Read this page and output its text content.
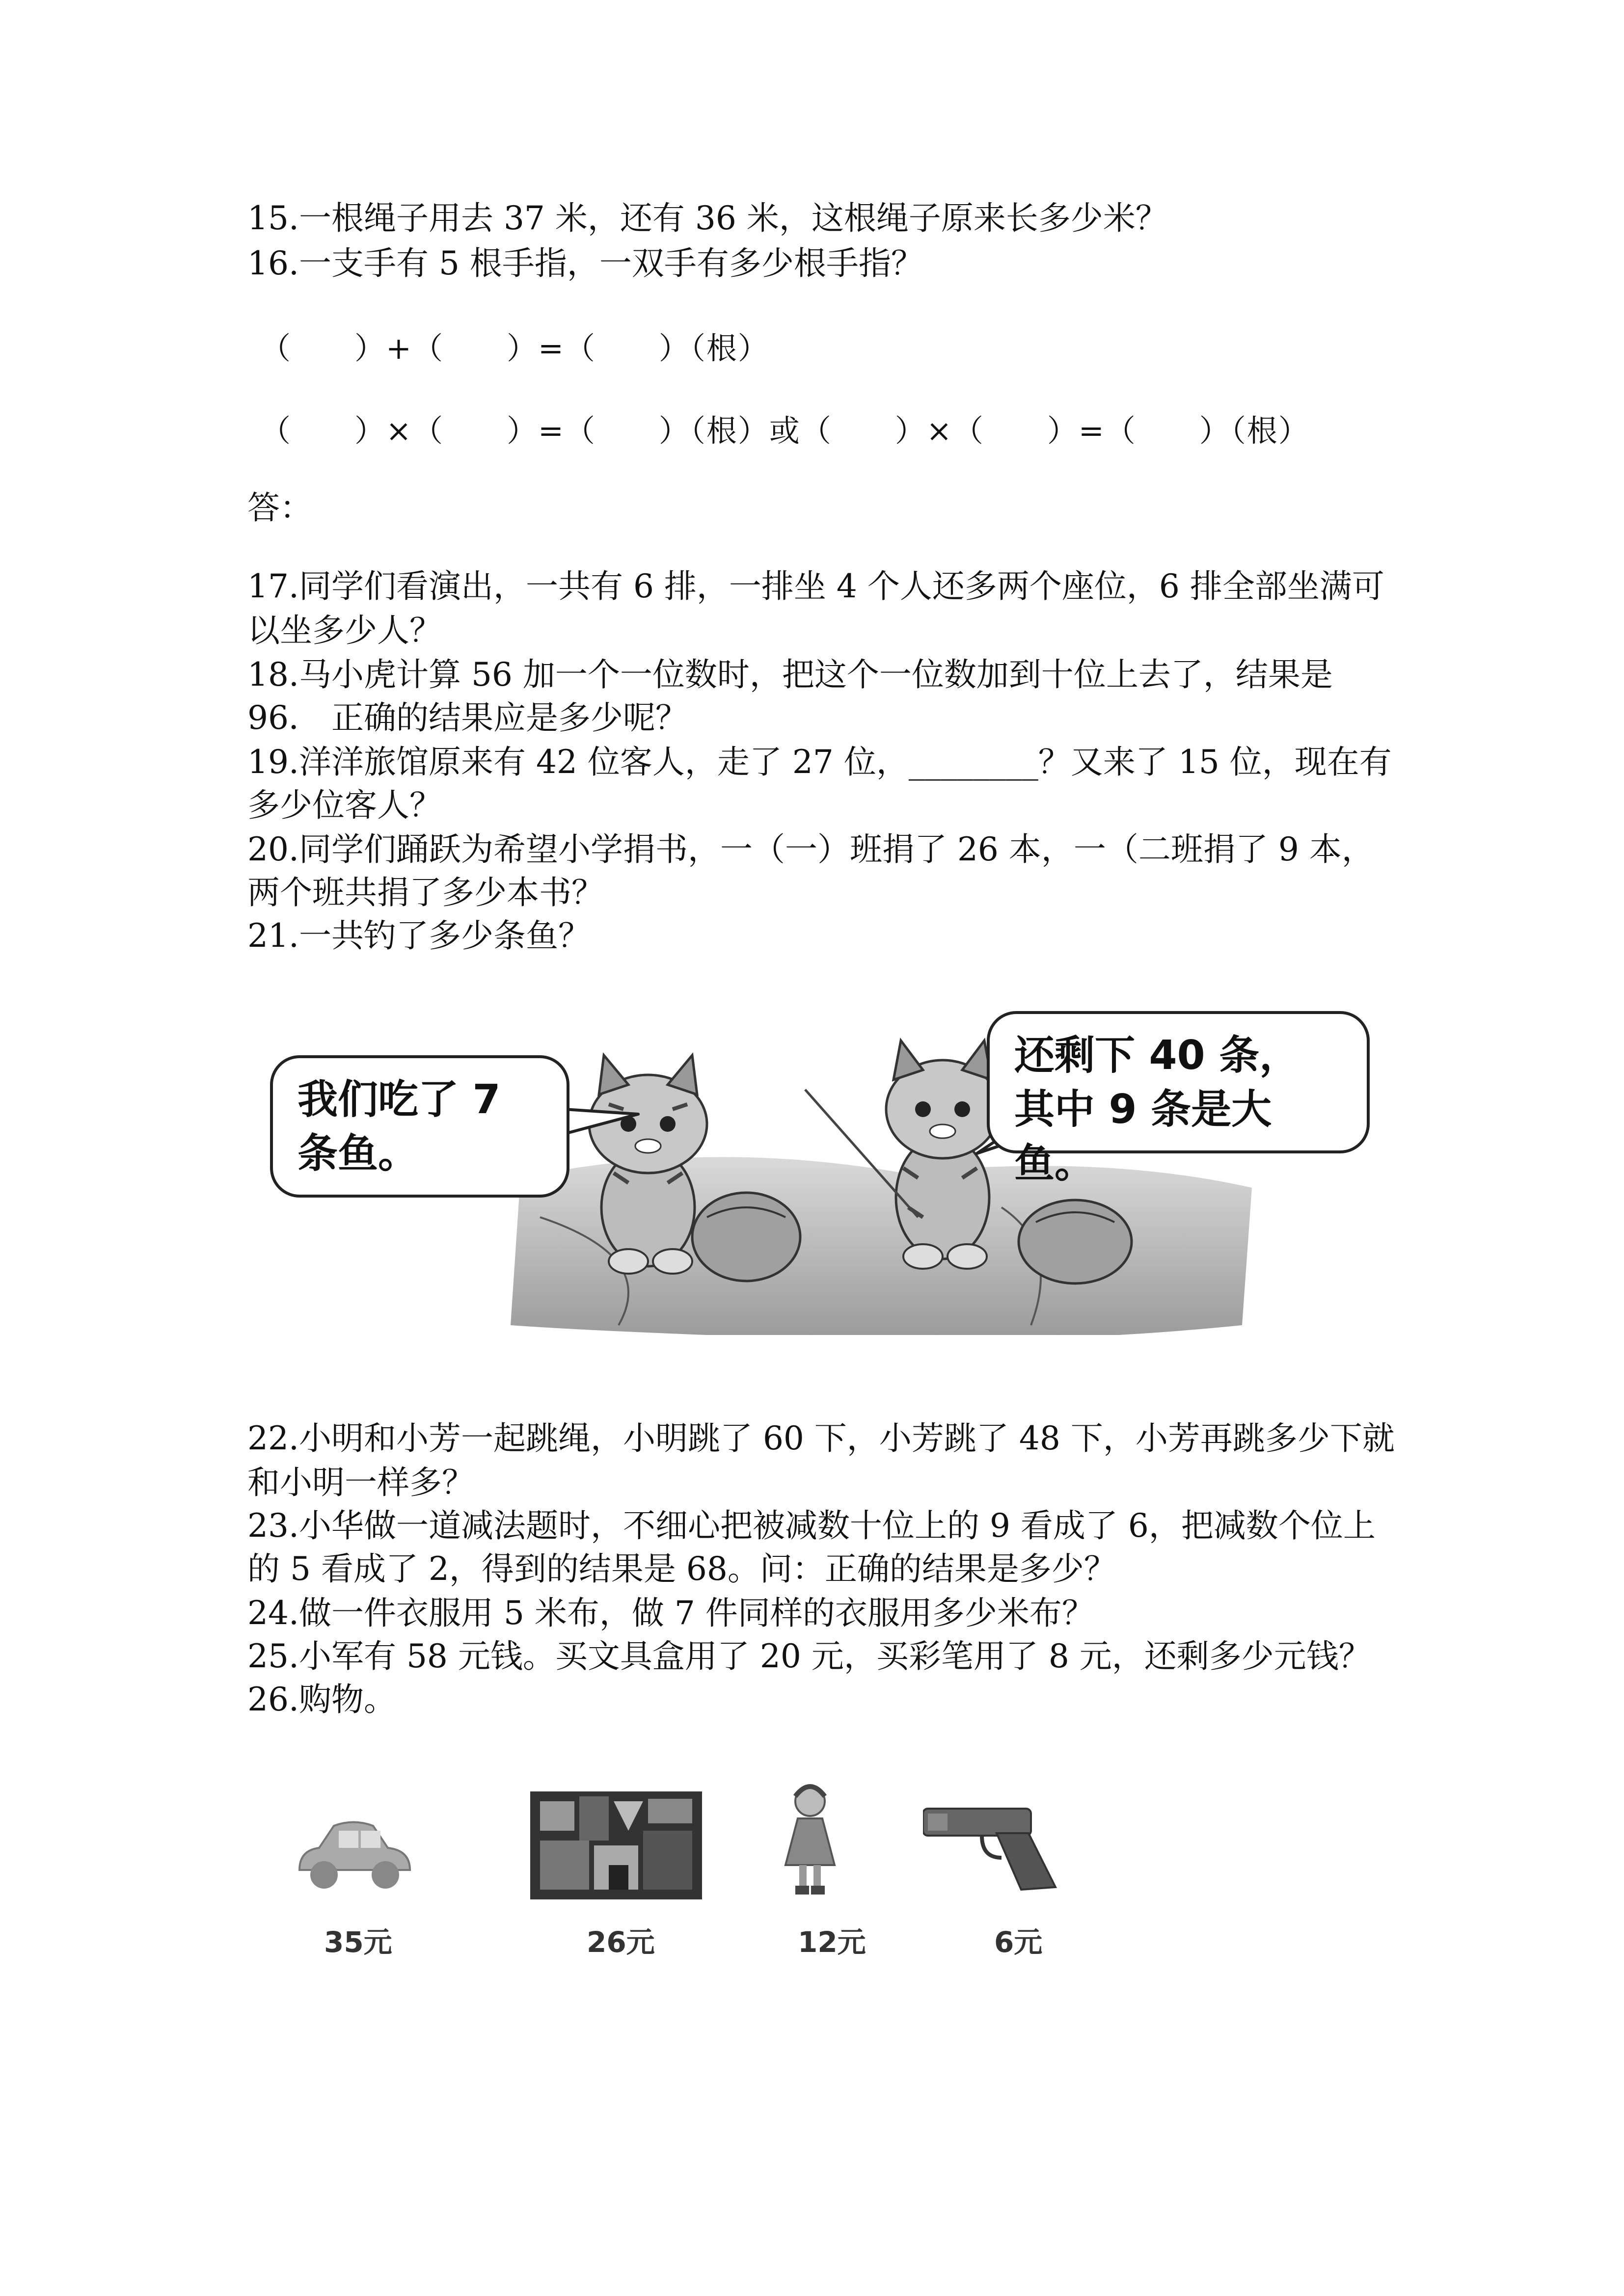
15.一根绳子用去 37 米，还有 36 米，这根绳子原来长多少米？
16.一支手有 5 根手指，一双手有多少根手指？
（　　）+（　　）=（　　）（根）
（　　）×（　　）=（　　）（根）或（　　）×（　　）=（　　）（根）
答：
17.同学们看演出，一共有 6 排，一排坐 4 个人还多两个座位，6 排全部坐满可
以坐多少人？
18.马小虎计算 56 加一个一位数时，把这个一位数加到十位上去了，结果是
96． 正确的结果应是多少呢？
19.洋洋旅馆原来有 42 位客人，走了 27 位，________？又来了 15 位，现在有
多少位客人？
20.同学们踊跃为希望小学捐书，一（一）班捐了 26 本，一（二班捐了 9 本，
两个班共捐了多少本书？
21.一共钓了多少条鱼？
我们吃了 7
条鱼。
还剩下 40 条，
其中 9 条是大鱼。
22.小明和小芳一起跳绳，小明跳了 60 下，小芳跳了 48 下，小芳再跳多少下就
和小明一样多？
23.小华做一道减法题时，不细心把被减数十位上的 9 看成了 6，把减数个位上
的 5 看成了 2，得到的结果是 68。问：正确的结果是多少？
24.做一件衣服用 5 米布，做 7 件同样的衣服用多少米布？
25.小军有 58 元钱。买文具盒用了 20 元，买彩笔用了 8 元，还剩多少元钱？
26.购物。
35元	26元	12元	6元
